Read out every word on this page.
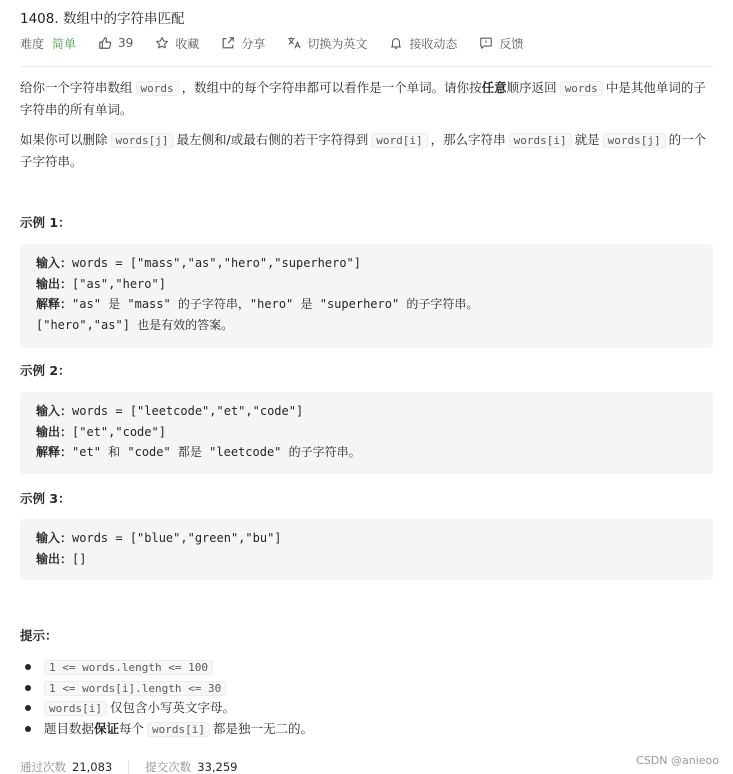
1408. 数组中的字符串匹配
难度 简单	39	收藏	分享	切换为英文	接收动态	反馈
给你一个字符串数组 words ，数组中的每个字符串都可以看作是一个单词。请你按任意顺序返回 words 中是其他单词的子字符串的所有单词。
如果你可以删除 words[j] 最左侧和/或最右侧的若干字符得到 word[i] ，那么字符串 words[i] 就是 words[j] 的一个子字符串。
示例 1：
输入：words = ["mass","as","hero","superhero"]
输出：["as","hero"]
解释："as" 是 "mass" 的子字符串，"hero" 是 "superhero" 的子字符串。
["hero","as"] 也是有效的答案。
示例 2：
输入：words = ["leetcode","et","code"]
输出：["et","code"]
解释："et" 和 "code" 都是 "leetcode" 的子字符串。
示例 3：
输入：words = ["blue","green","bu"]
输出：[]
提示：
1 <= words.length <= 100
1 <= words[i].length <= 30
words[i] 仅包含小写英文字母。
题目数据保证每个 words[i] 都是独一无二的。
通过次数 21,083	提交次数 33,259	CSDN @anieoo
